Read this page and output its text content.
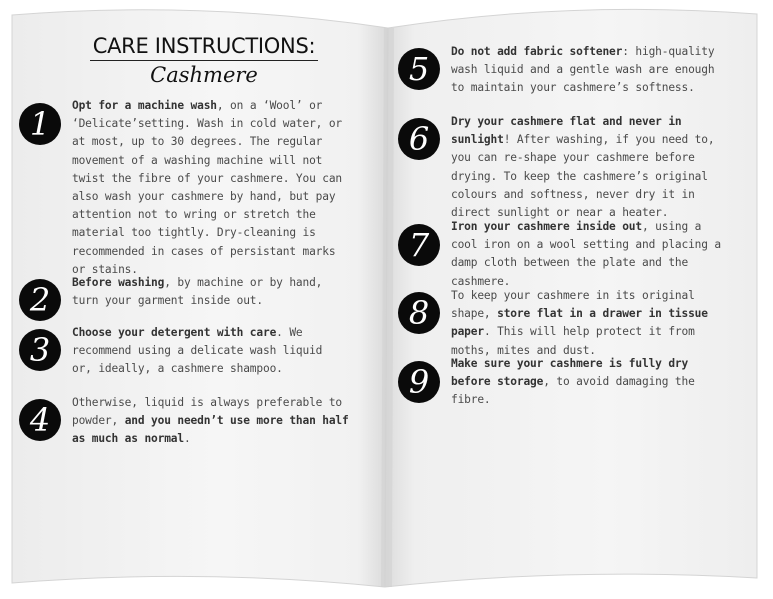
CARE INSTRUCTIONS:
Cashmere
1	Opt for a machine wash, on a ‘Wool’ or ‘Delicate’setting. Wash in cold water, or at most, up to 30 degrees. The regular movement of a washing machine will not twist the fibre of your cashmere. You can also wash your cashmere by hand, but pay attention not to wring or stretch the material too tightly. Dry-cleaning is recommended in cases of persistant marks or stains.
2	Before washing, by machine or by hand, turn your garment inside out.
3	Choose your detergent with care. We recommend using a delicate wash liquid or, ideally, a cashmere shampoo.
4	Otherwise, liquid is always preferable to powder, and you needn’t use more than half as much as normal.
5	Do not add fabric softener: high-quality wash liquid and a gentle wash are enough to maintain your cashmere’s softness.
6	Dry your cashmere flat and never in sunlight! After washing, if you need to, you can re-shape your cashmere before drying. To keep the cashmere’s original colours and softness, never dry it in direct sunlight or near a heater.
7	Iron your cashmere inside out, using a cool iron on a wool setting and placing a damp cloth between the plate and the cashmere.
8	To keep your cashmere in its original shape, store flat in a drawer in tissue paper. This will help protect it from moths, mites and dust.
9	Make sure your cashmere is fully dry before storage, to avoid damaging the fibre.
